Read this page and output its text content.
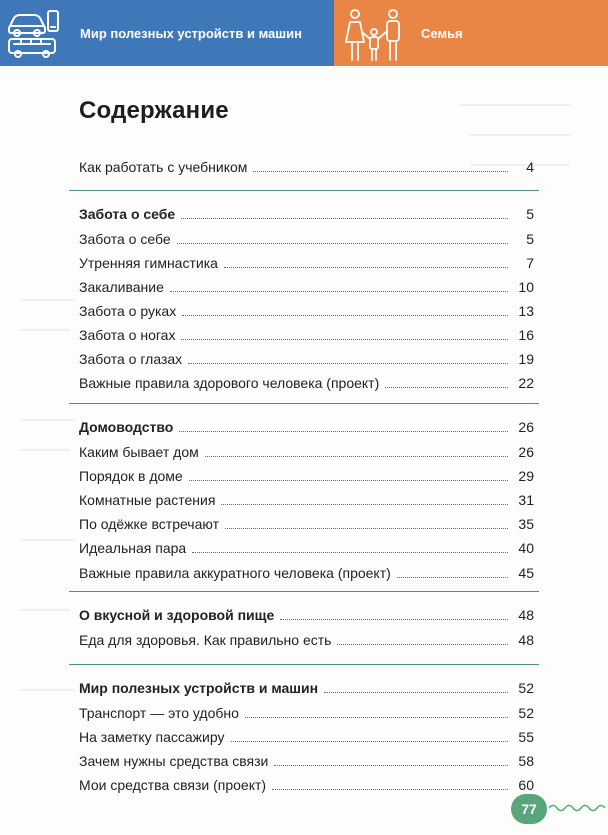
Мир полезных устройств и машин	Семья
Содержание
Как работать с учебником	4
Забота о себе	5
Забота о себе	5
Утренняя гимнастика	7
Закаливание	10
Забота о руках	13
Забота о ногах	16
Забота о глазах	19
Важные правила здорового человека (проект)	22
Домоводство	26
Каким бывает дом	26
Порядок в доме	29
Комнатные растения	31
По одёжке встречают	35
Идеальная пара	40
Важные правила аккуратного человека (проект)	45
О вкусной и здоровой пище	48
Еда для здоровья. Как правильно есть	48
Мир полезных устройств и машин	52
Транспорт — это удобно	52
На заметку пассажиру	55
Зачем нужны средства связи	58
Мои средства связи (проект)	60
77
